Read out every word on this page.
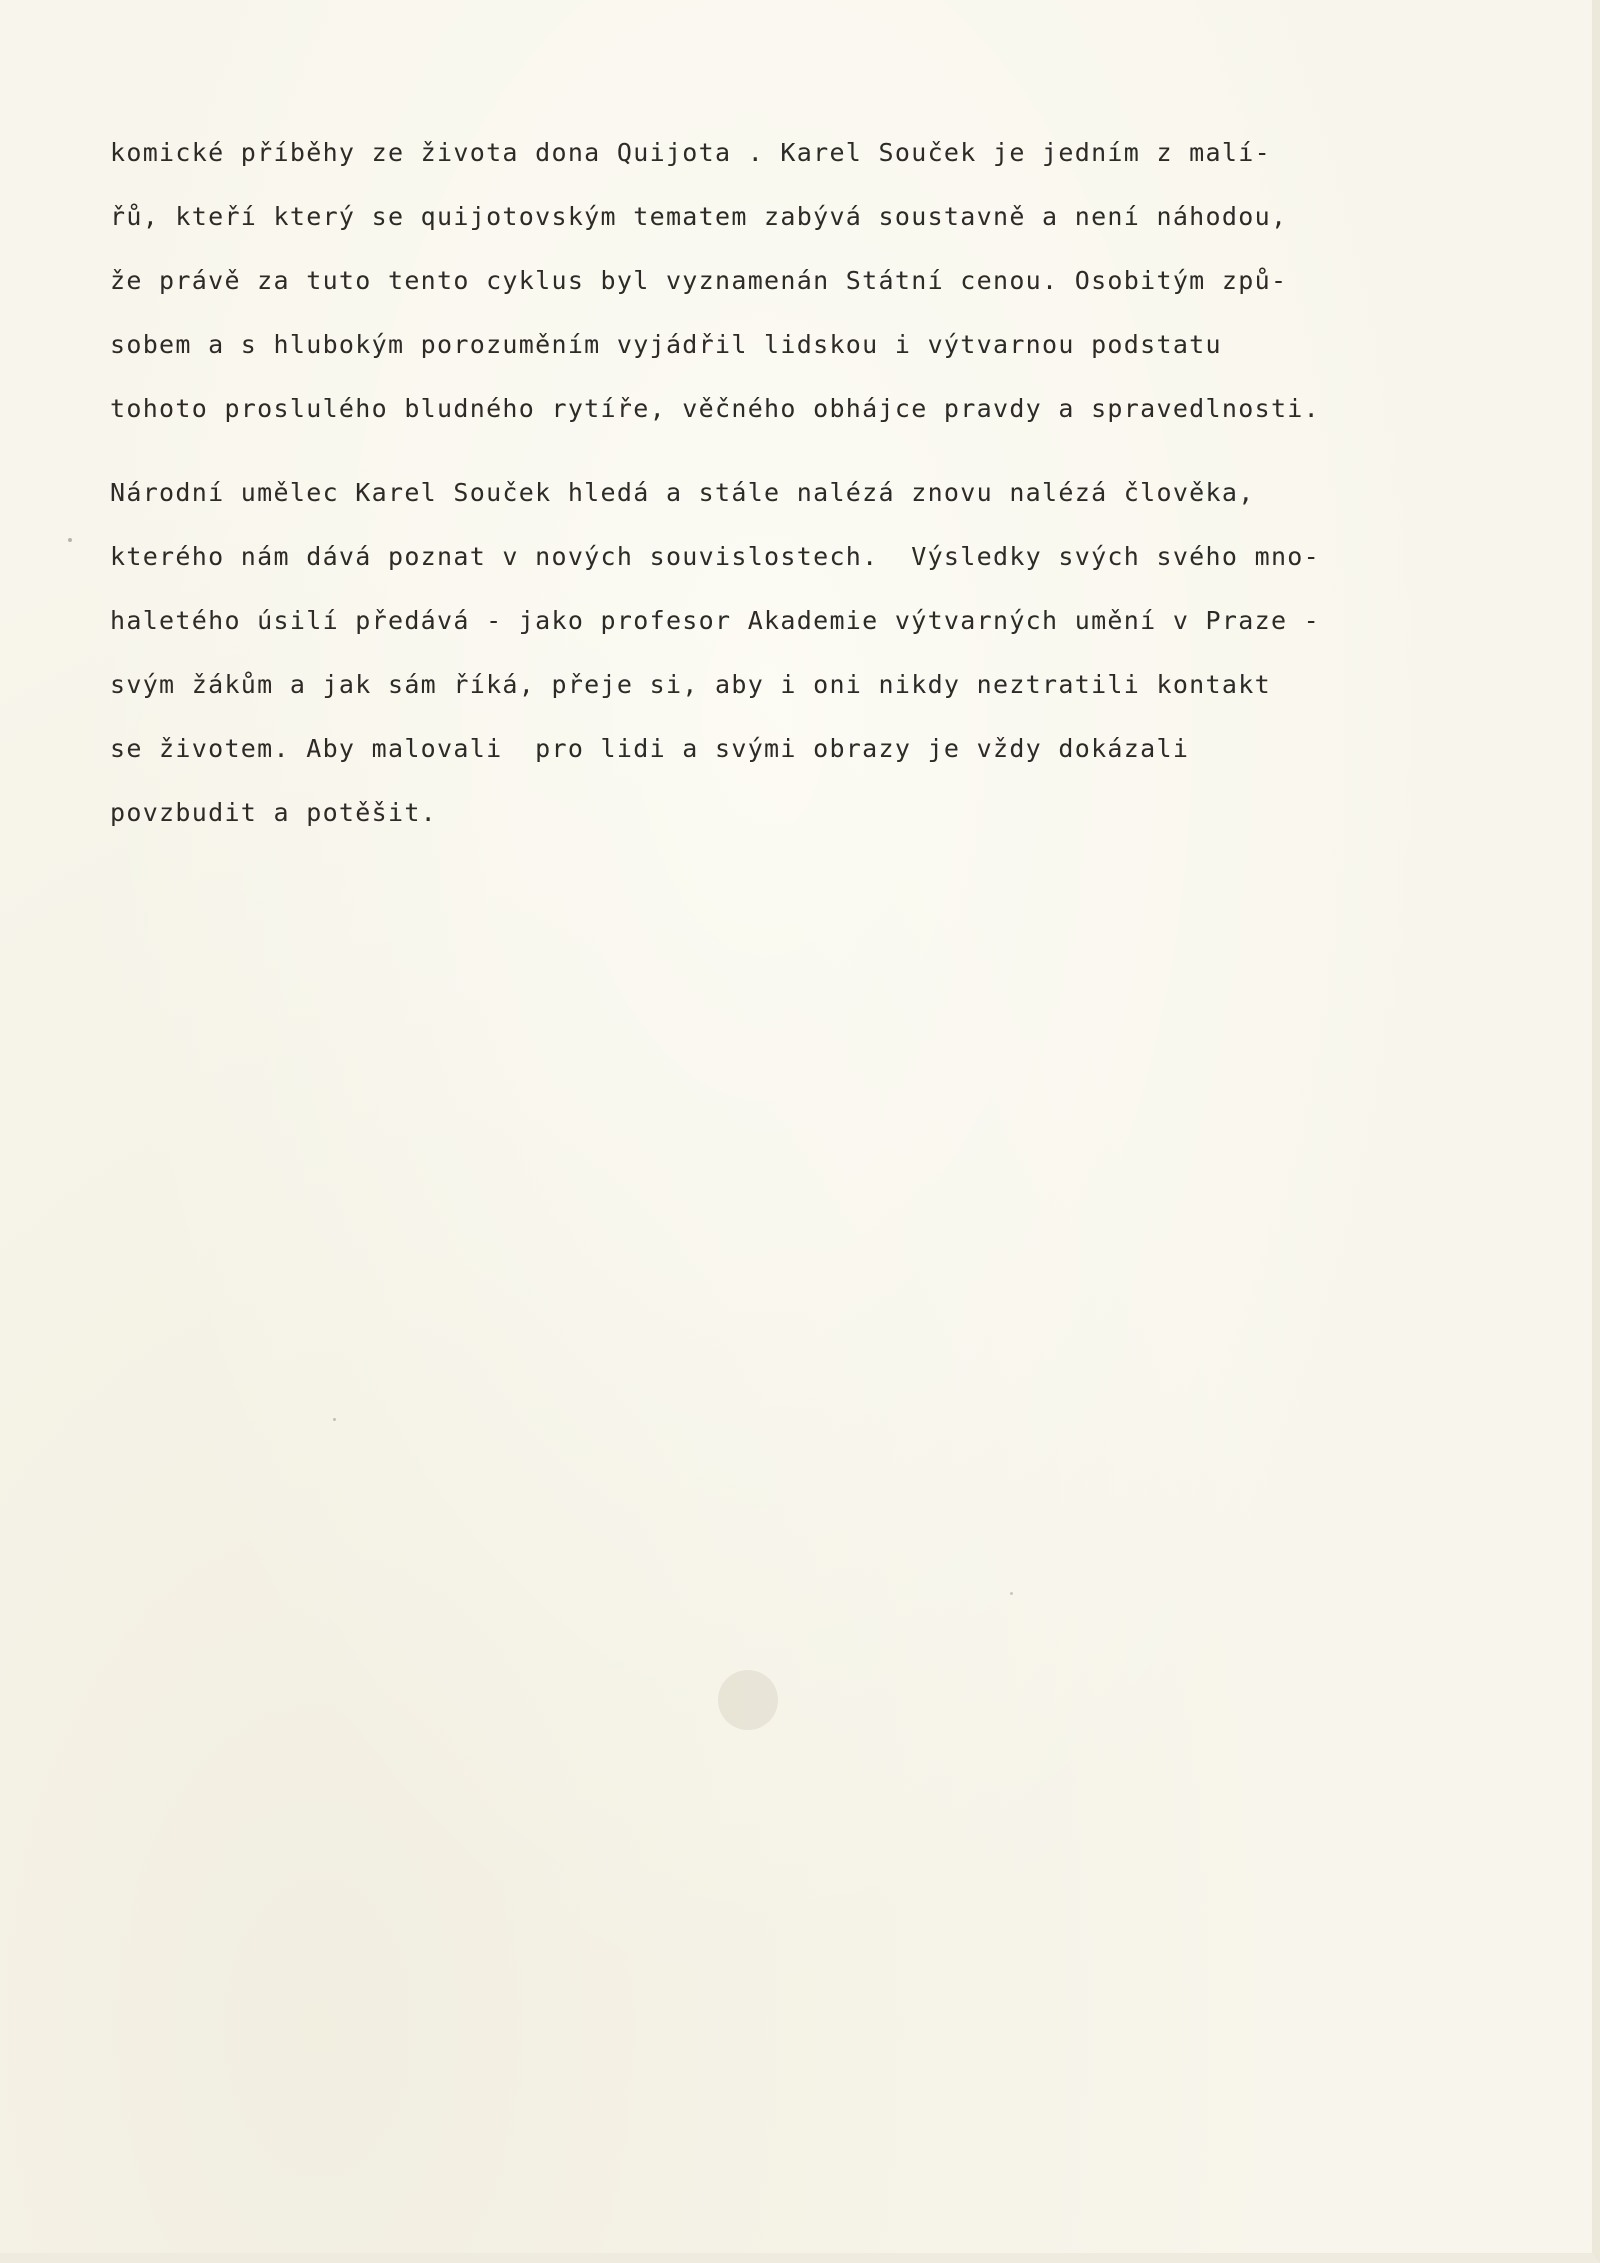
komické příběhy ze života dona Quijota . Karel Souček je jedním z malí-
řů, kteří který se quijotovským tematem zabývá soustavně a není náhodou,
že právě za tuto tento cyklus byl vyznamenán Státní cenou. Osobitým způ-
sobem a s hlubokým porozuměním vyjádřil lidskou i výtvarnou podstatu
tohoto proslulého bludného rytíře, věčného obhájce pravdy a spravedlnosti.
Národní umělec Karel Souček hledá a stále nalézá znovu nalézá člověka,
kterého nám dává poznat v nových souvislostech.  Výsledky svých svého mno-
haletého úsilí předává - jako profesor Akademie výtvarných umění v Praze -
svým žákům a jak sám říká, přeje si, aby i oni nikdy neztratili kontakt
se životem. Aby malovali  pro lidi a svými obrazy je vždy dokázali
povzbudit a potěšit.
